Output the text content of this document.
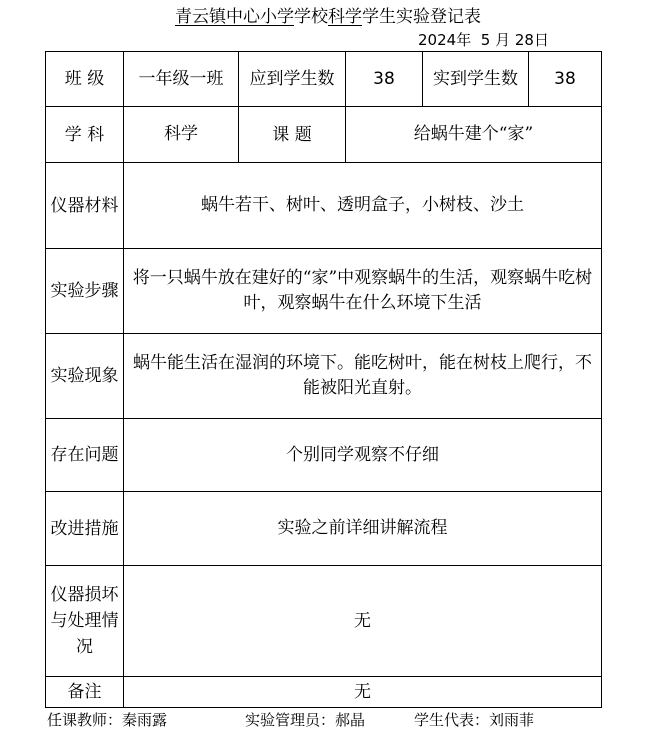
青云镇中心小学学校科学学生实验登记表
2024年 5 月 28日
班 级	一年级一班	应到学生数	38	实到学生数	38
学 科	科学	课 题	给蜗牛建个“家”		
仪器材料	蜗牛若干、树叶、透明盒子，小树枝、沙土				
实验步骤	将一只蜗牛放在建好的“家”中观察蜗牛的生活，观察蜗牛吃树叶，观察蜗牛在什么环境下生活				
实验现象	蜗牛能生活在湿润的环境下。能吃树叶，能在树枝上爬行，不能被阳光直射。				
存在问题	个别同学观察不仔细				
改进措施	实验之前详细讲解流程				
仪器损坏与处理情况	无				
备注	无				
任课教师：秦雨露	实验管理员：郝晶	学生代表：刘雨菲
